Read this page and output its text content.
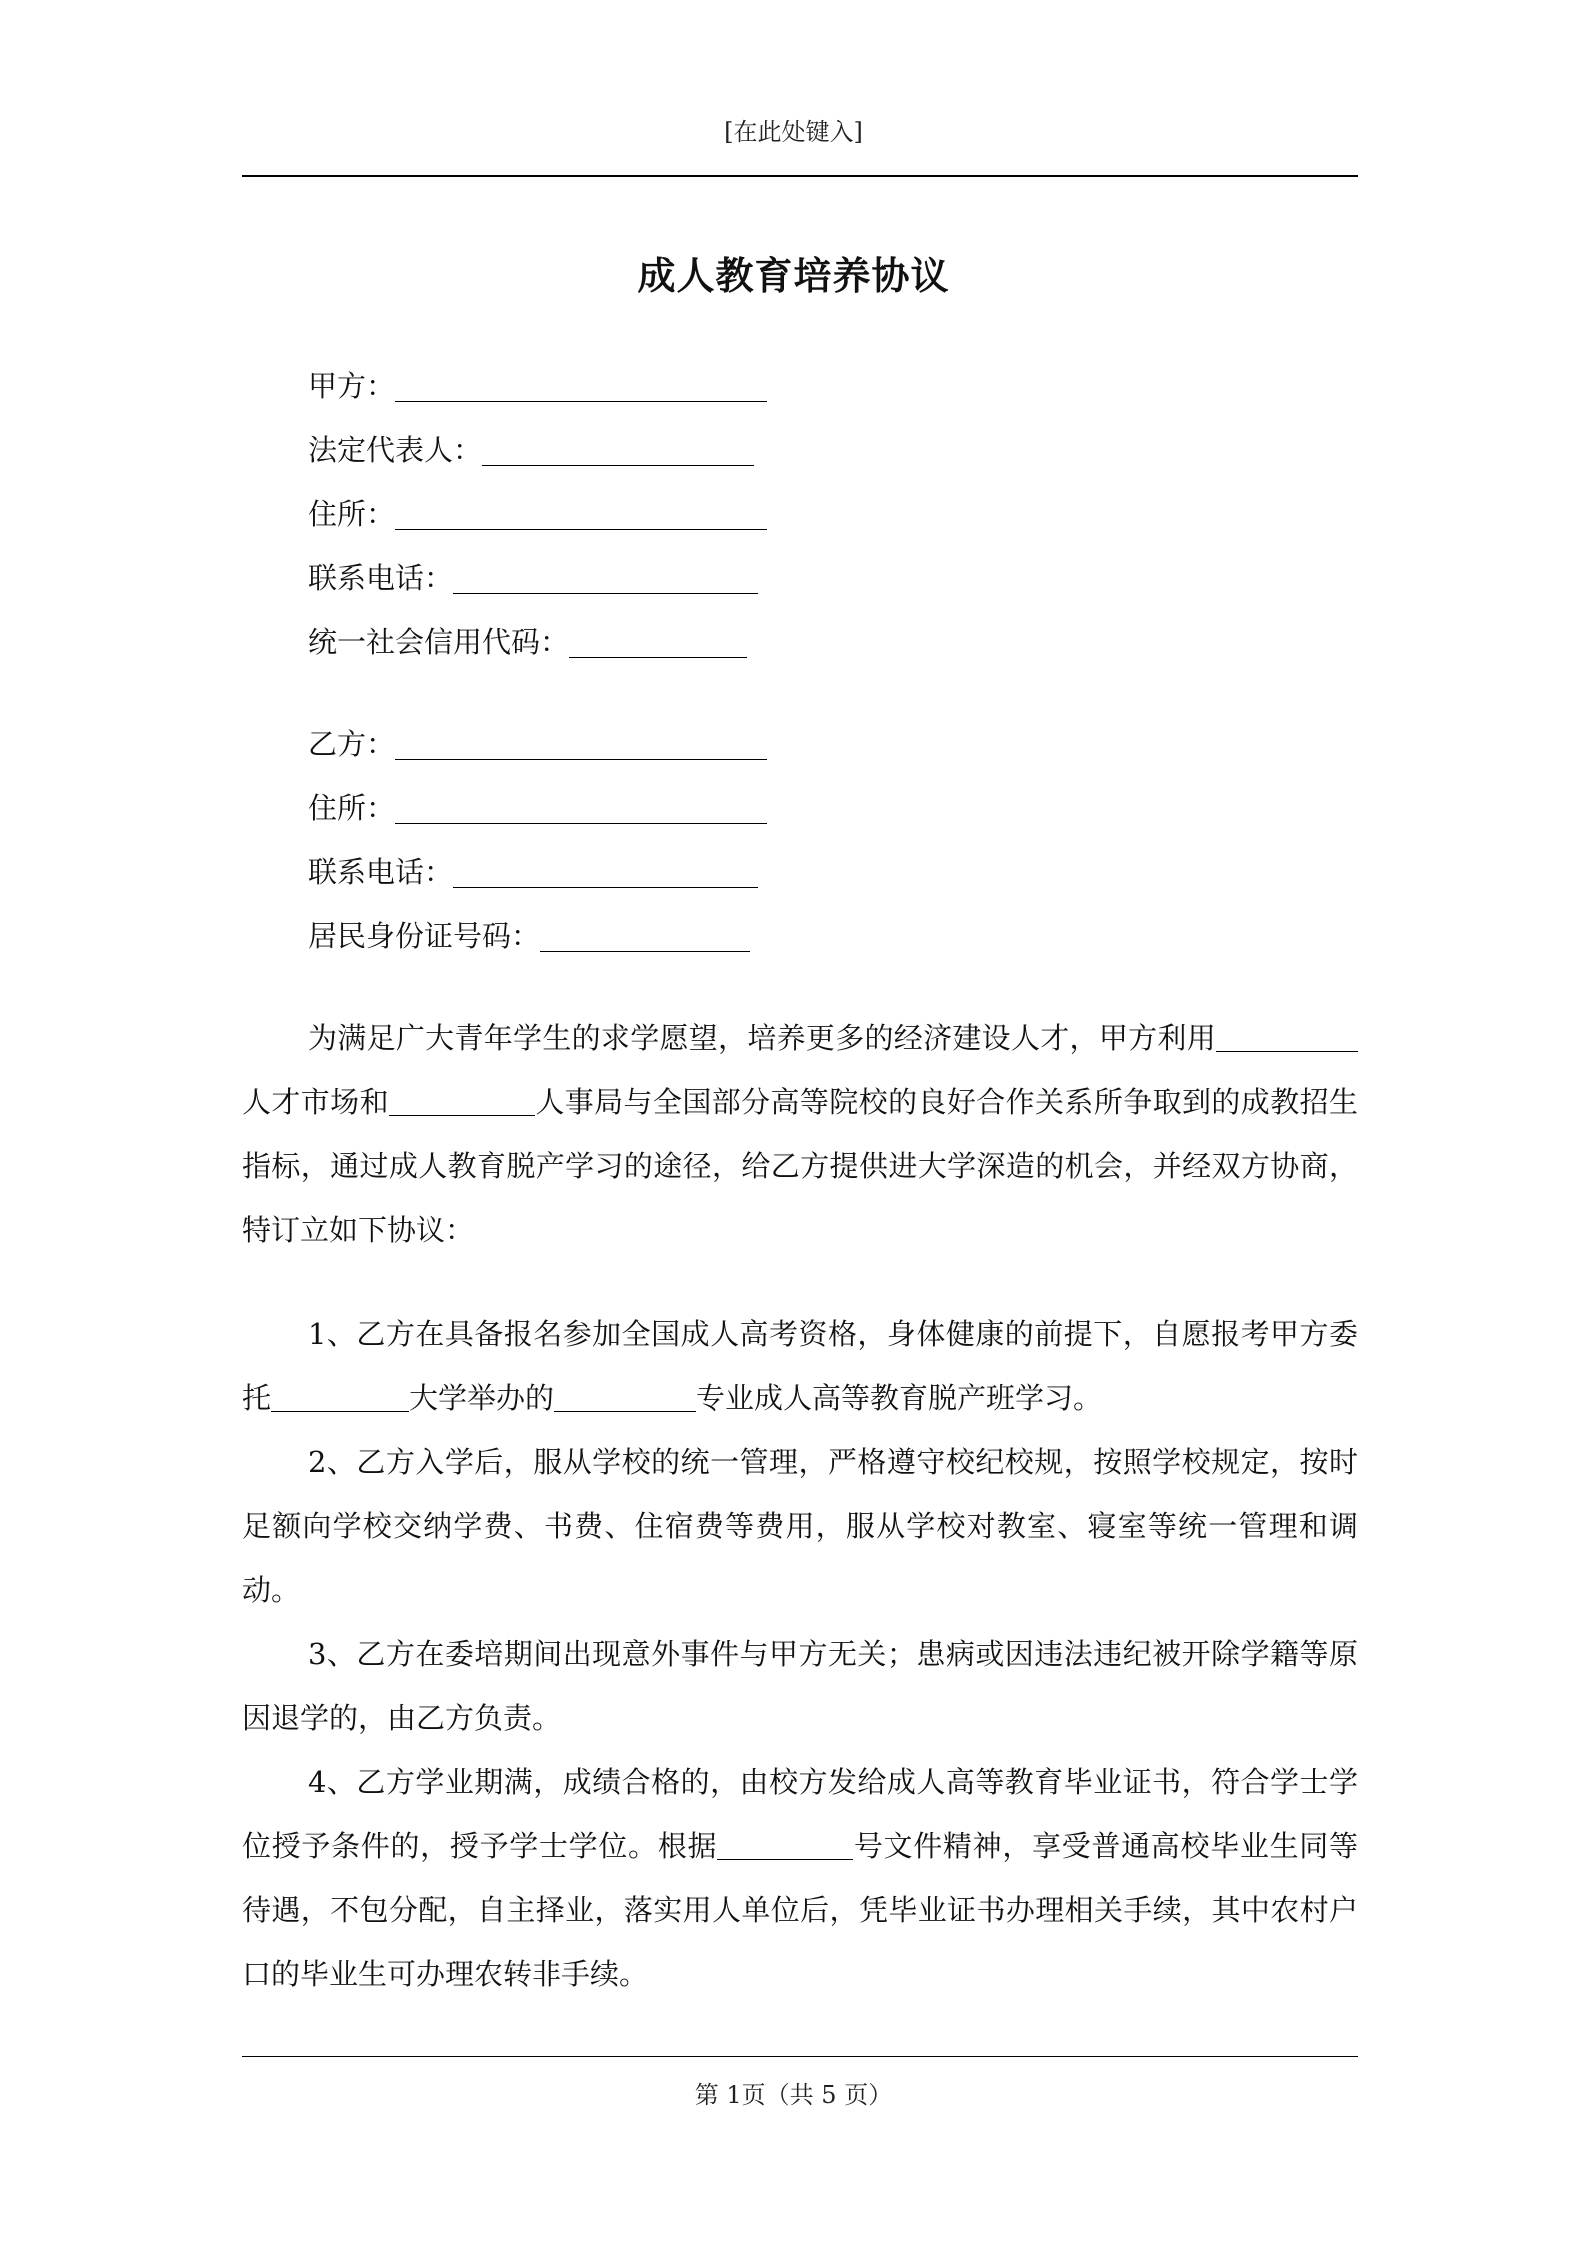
[在此处键入]
成人教育培养协议
甲方：
法定代表人：
住所：
联系电话：
统一社会信用代码：
乙方：
住所：
联系电话：
居民身份证号码：

为满足广大青年学生的求学愿望，培养更多的经济建设人才，甲方利用人才市场和	人事局与全国部分高等院校的良好合作关系所争取到的成教招生指标，通过成人教育脱产学习的途径，给乙方提供进大学深造的机会，并经双方协商，特订立如下协议：

1、乙方在具备报名参加全国成人高考资格，身体健康的前提下，自愿报考甲方委托	大学举办的	专业成人高等教育脱产班学习。

2、乙方入学后，服从学校的统一管理，严格遵守校纪校规，按照学校规定，按时足额向学校交纳学费、书费、住宿费等费用，服从学校对教室、寝室等统一管理和调动。

3、乙方在委培期间出现意外事件与甲方无关；患病或因违法违纪被开除学籍等原因退学的，由乙方负责。

4、乙方学业期满，成绩合格的，由校方发给成人高等教育毕业证书，符合学士学位授予条件的，授予学士学位。根据	号文件精神，享受普通高校毕业生同等待遇，不包分配，自主择业，落实用人单位后，凭毕业证书办理相关手续，其中农村户口的毕业生可办理农转非手续。

第 1页（共 5 页）
